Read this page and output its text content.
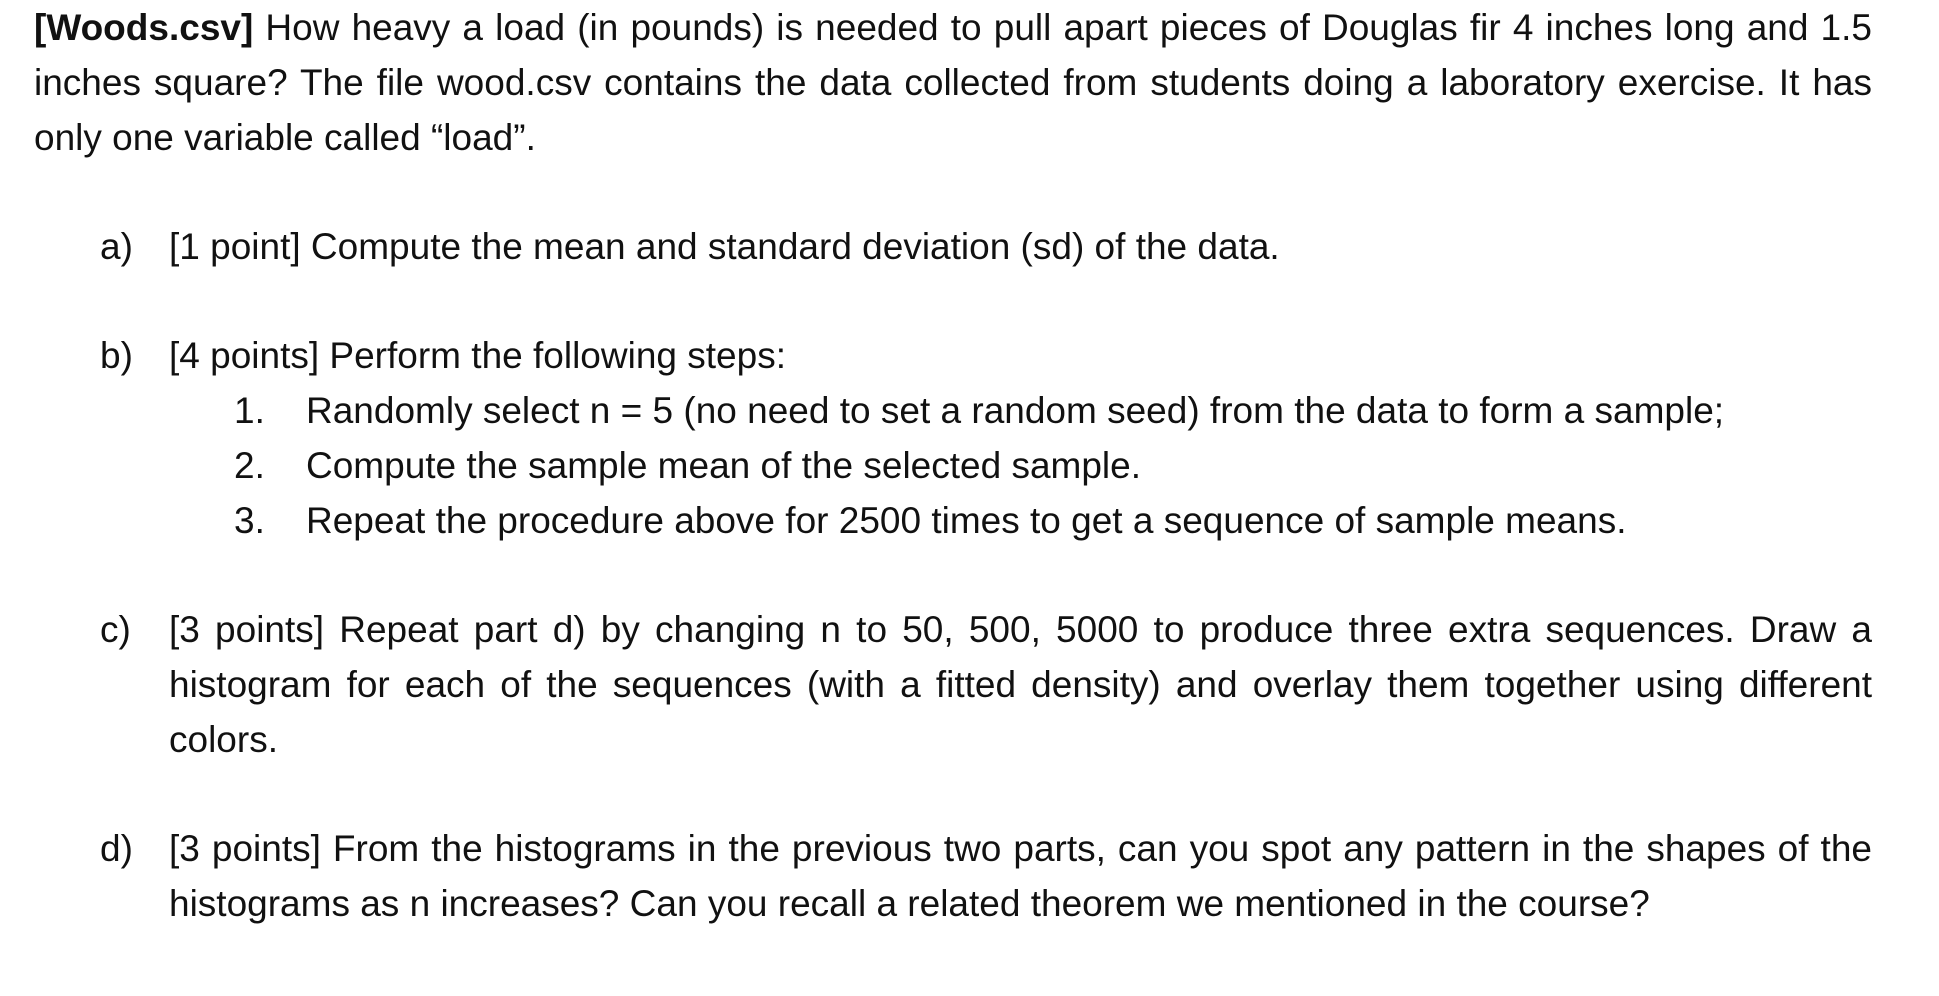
[Woods.csv] How heavy a load (in pounds) is needed to pull apart pieces of Douglas fir 4 inches long and 1.5 inches square? The file wood.csv contains the data collected from students doing a laboratory exercise. It has only one variable called “load”.

a) [1 point] Compute the mean and standard deviation (sd) of the data.
b) [4 points] Perform the following steps:
1. Randomly select n = 5 (no need to set a random seed) from the data to form a sample;
2. Compute the sample mean of the selected sample.
3. Repeat the procedure above for 2500 times to get a sequence of sample means.
c) [3 points] Repeat part d) by changing n to 50, 500, 5000 to produce three extra sequences. Draw a histogram for each of the sequences (with a fitted density) and overlay them together using different colors.
d) [3 points] From the histograms in the previous two parts, can you spot any pattern in the shapes of the histograms as n increases? Can you recall a related theorem we mentioned in the course?
